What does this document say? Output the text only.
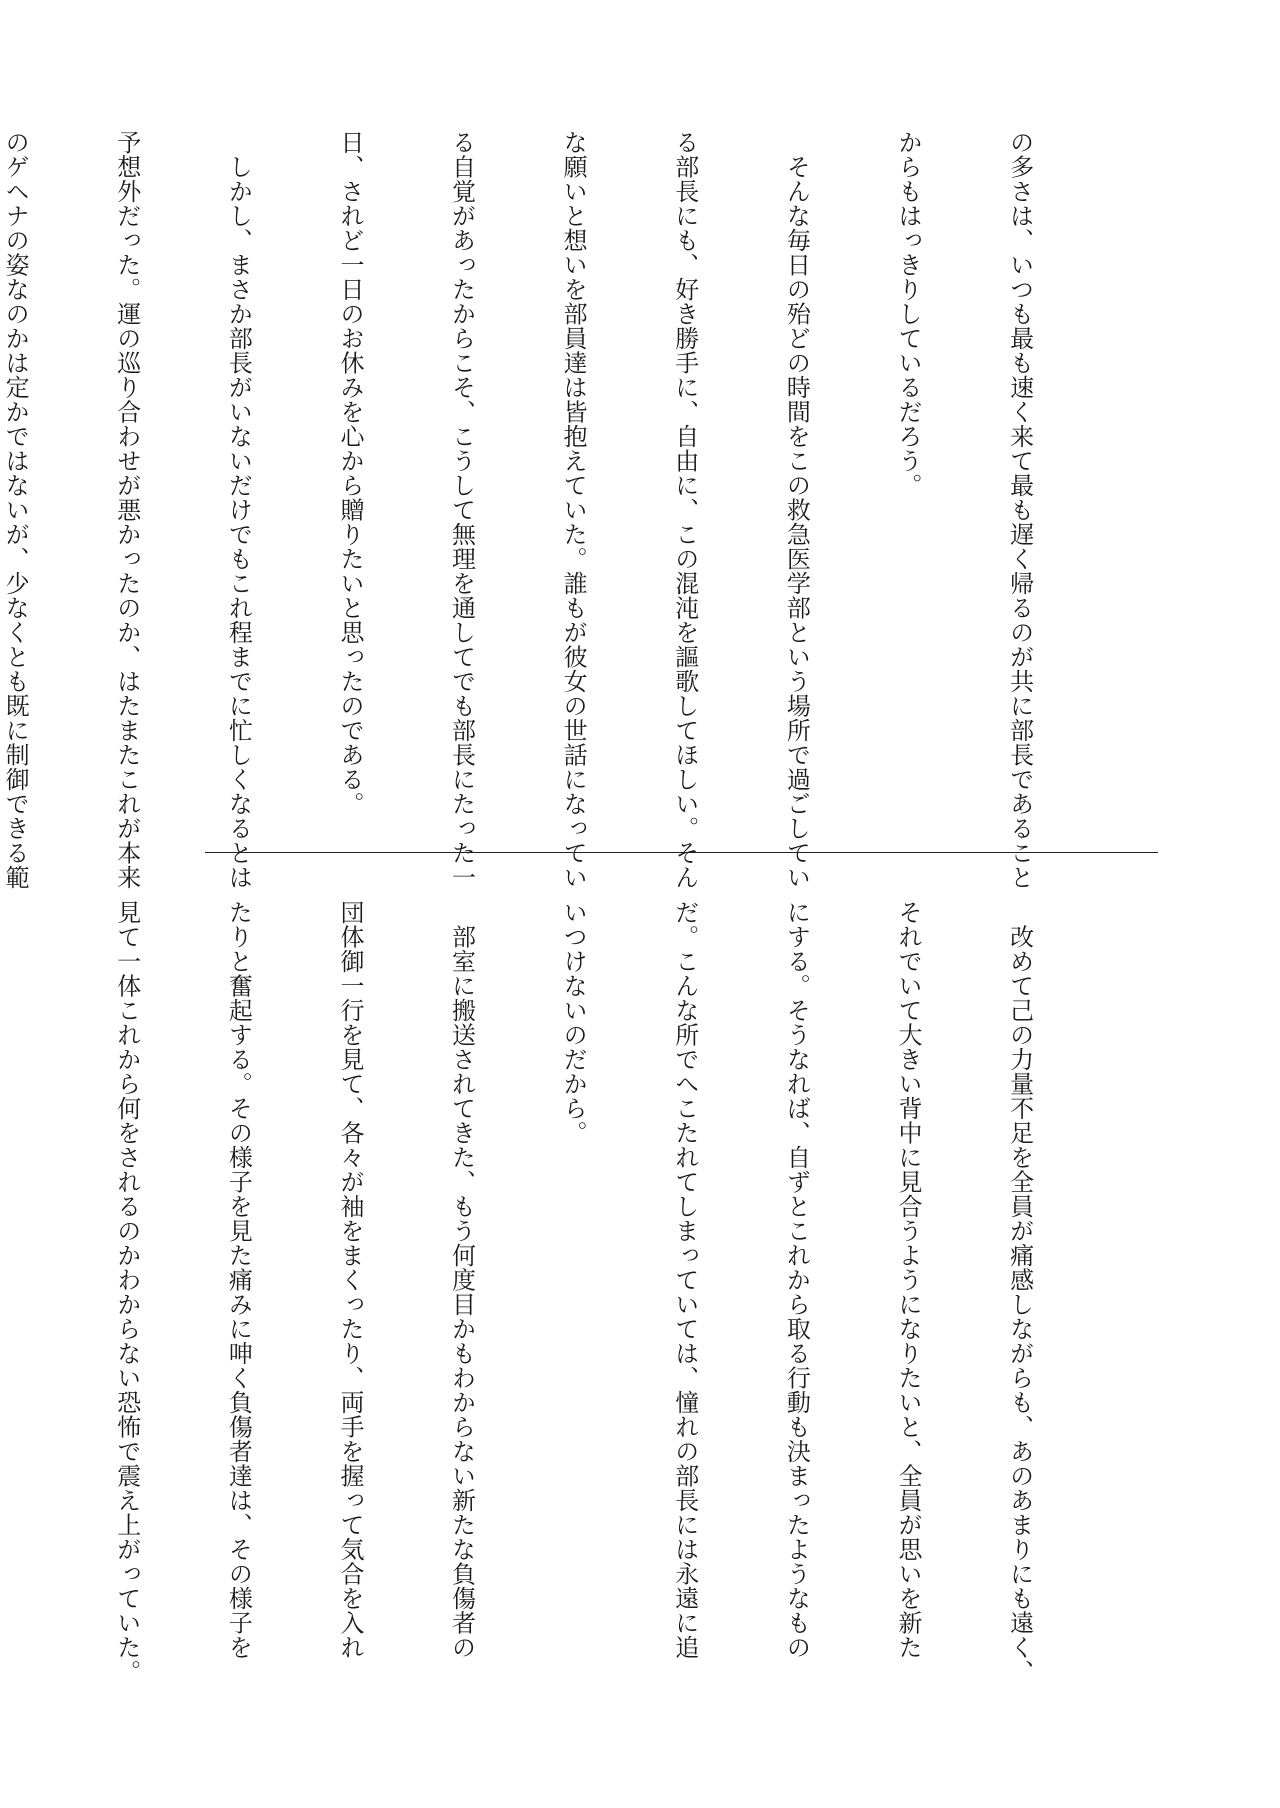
の多さは、いつも最も速く来て最も遅く帰るのが共に部長であること

からもはっきりしているだろう。

　そんな毎日の殆どの時間をこの救急医学部という場所で過ごしてい

る部長にも、好き勝手に、自由に、この混沌を謳歌してほしい。そん

な願いと想いを部員達は皆抱えていた。誰もが彼女の世話になってい

る自覚があったからこそ、こうして無理を通してでも部長にたった一

日、されど一日のお休みを心から贈りたいと思ったのである。

　しかし、まさか部長がいないだけでもこれ程までに忙しくなるとは

予想外だった。運の巡り合わせが悪かったのか、はたまたこれが本来

のゲヘナの姿なのかは定かではないが、少なくとも既に制御できる範

　改めて己の力量不足を全員が痛感しながらも、あのあまりにも遠く、

それでいて大きい背中に見合うようになりたいと、全員が思いを新た

にする。そうなれば、自ずとこれから取る行動も決まったようなもの

だ。こんな所でへこたれてしまっていては、憧れの部長には永遠に追

いつけないのだから。

　部室に搬送されてきた、もう何度目かもわからない新たな負傷者の

団体御一行を見て、各々が袖をまくったり、両手を握って気合を入れ

たりと奮起する。その様子を見た痛みに呻く負傷者達は、その様子を

見て一体これから何をされるのかわからない恐怖で震え上がっていた。
